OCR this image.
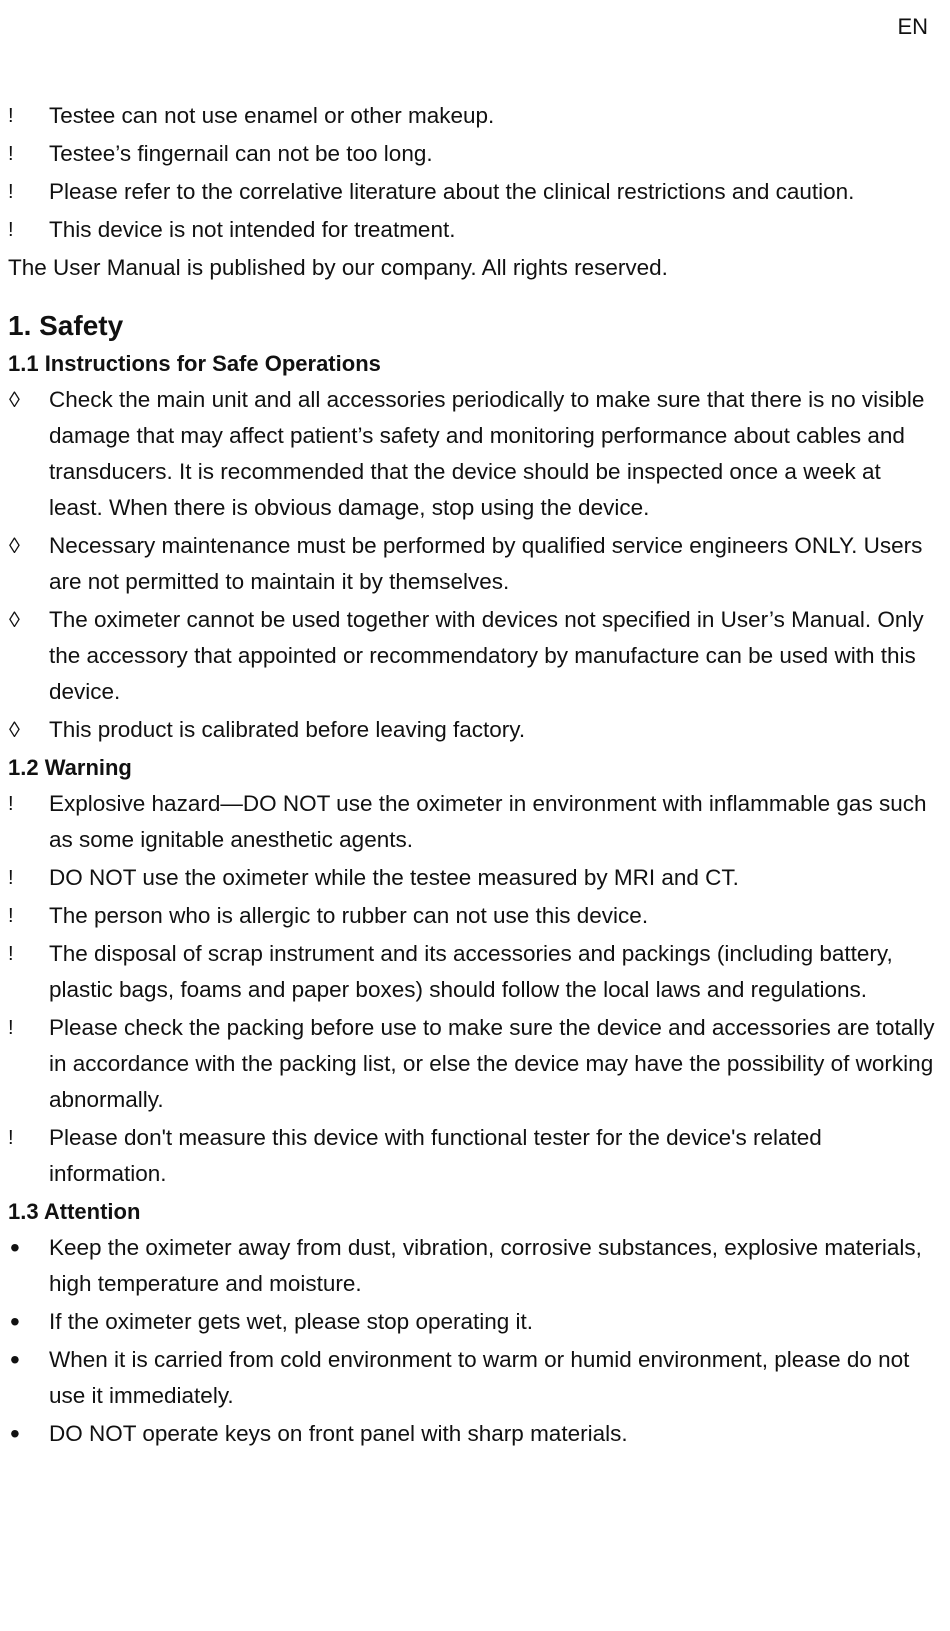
EN
!	Testee can not use enamel or other makeup.
!	Testee’s fingernail can not be too long.
!	Please refer to the correlative literature about the clinical restrictions and caution.
!	This device is not intended for treatment.
The User Manual is published by our company. All rights reserved.
1. Safety
1.1 Instructions for Safe Operations
◊	Check the main unit and all accessories periodically to make sure that there is no visible damage that may affect patient’s safety and monitoring performance about cables and transducers. It is recommended that the device should be inspected once a week at least. When there is obvious damage, stop using the device.
◊	Necessary maintenance must be performed by qualified service engineers ONLY. Users are not permitted to maintain it by themselves.
◊	The oximeter cannot be used together with devices not specified in User’s Manual. Only the accessory that appointed or recommendatory by manufacture can be used with this device.
◊	This product is calibrated before leaving factory.
1.2 Warning
!	Explosive hazard—DO NOT use the oximeter in environment with inflammable gas such as some ignitable anesthetic agents.
!	DO NOT use the oximeter while the testee measured by MRI and CT.
!	The person who is allergic to rubber can not use this device.
!	The disposal of scrap instrument and its accessories and packings (including battery, plastic bags, foams and paper boxes) should follow the local laws and regulations.
!	Please check the packing before use to make sure the device and accessories are totally in accordance with the packing list, or else the device may have the possibility of working abnormally.
!	Please don't measure this device with functional tester for the device's related information.
1.3 Attention
•	Keep the oximeter away from dust, vibration, corrosive substances, explosive materials, high temperature and moisture.
•	If the oximeter gets wet, please stop operating it.
•	When it is carried from cold environment to warm or humid environment, please do not use it immediately.
•	DO NOT operate keys on front panel with sharp materials.
